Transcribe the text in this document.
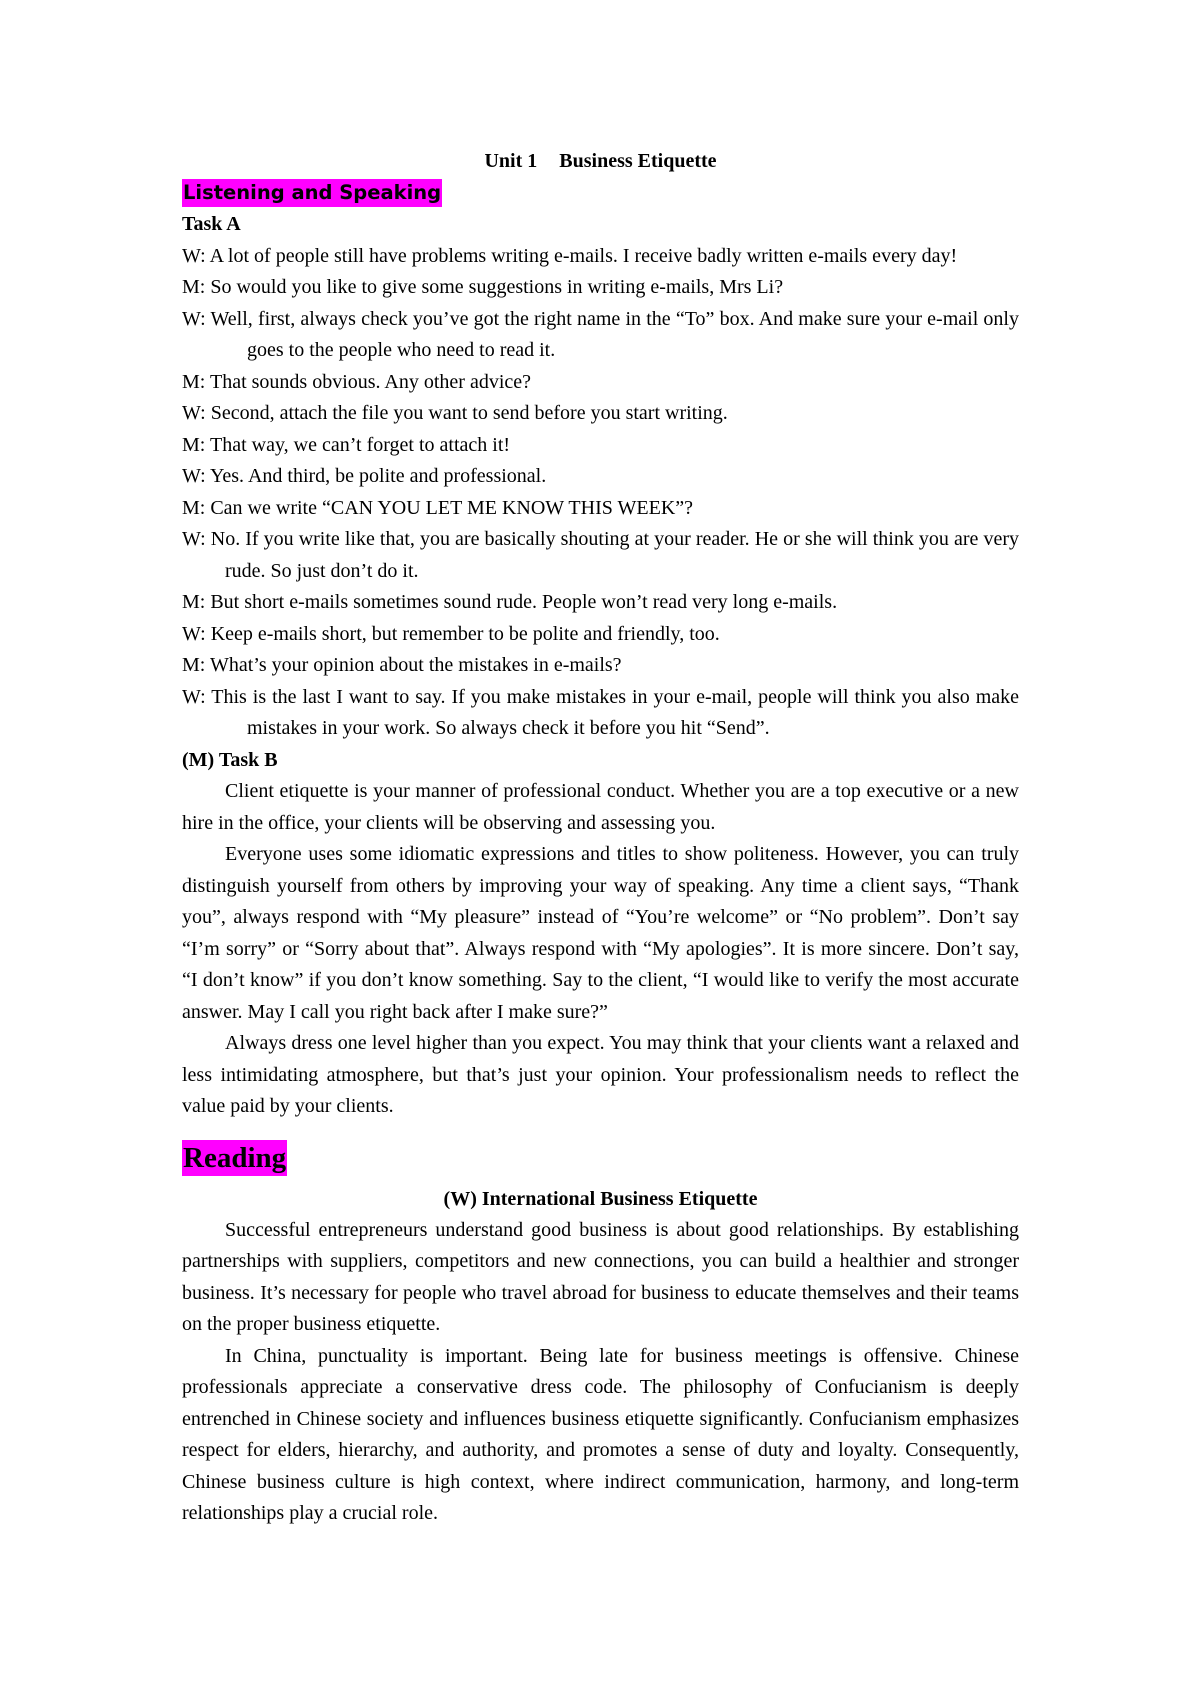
Unit 1 Business Etiquette
Listening and Speaking
Task A
W: A lot of people still have problems writing e-mails. I receive badly written e-mails every day!
M: So would you like to give some suggestions in writing e-mails, Mrs Li?
W: Well, first, always check you’ve got the right name in the “To” box. And make sure your e-mail only goes to the people who need to read it.
M: That sounds obvious. Any other advice?
W: Second, attach the file you want to send before you start writing.
M: That way, we can’t forget to attach it!
W: Yes. And third, be polite and professional.
M: Can we write “CAN YOU LET ME KNOW THIS WEEK”?
W: No. If you write like that, you are basically shouting at your reader. He or she will think you are very rude. So just don’t do it.
M: But short e-mails sometimes sound rude. People won’t read very long e-mails.
W: Keep e-mails short, but remember to be polite and friendly, too.
M: What’s your opinion about the mistakes in e-mails?
W: This is the last I want to say. If you make mistakes in your e-mail, people will think you also make mistakes in your work. So always check it before you hit “Send”.
(M) Task B

Client etiquette is your manner of professional conduct. Whether you are a top executive or a new hire in the office, your clients will be observing and assessing you.

Everyone uses some idiomatic expressions and titles to show politeness. However, you can truly distinguish yourself from others by improving your way of speaking. Any time a client says, “Thank you”, always respond with “My pleasure” instead of “You’re welcome” or “No problem”. Don’t say “I’m sorry” or “Sorry about that”. Always respond with “My apologies”. It is more sincere. Don’t say, “I don’t know” if you don’t know something. Say to the client, “I would like to verify the most accurate answer. May I call you right back after I make sure?”

Always dress one level higher than you expect. You may think that your clients want a relaxed and less intimidating atmosphere, but that’s just your opinion. Your professionalism needs to reflect the value paid by your clients.

Reading
(W) International Business Etiquette

Successful entrepreneurs understand good business is about good relationships. By establishing partnerships with suppliers, competitors and new connections, you can build a healthier and stronger business. It’s necessary for people who travel abroad for business to educate themselves and their teams on the proper business etiquette.

In China, punctuality is important. Being late for business meetings is offensive. Chinese professionals appreciate a conservative dress code. The philosophy of Confucianism is deeply entrenched in Chinese society and influences business etiquette significantly. Confucianism emphasizes respect for elders, hierarchy, and authority, and promotes a sense of duty and loyalty. Consequently, Chinese business culture is high context, where indirect communication, harmony, and long-term relationships play a crucial role.
